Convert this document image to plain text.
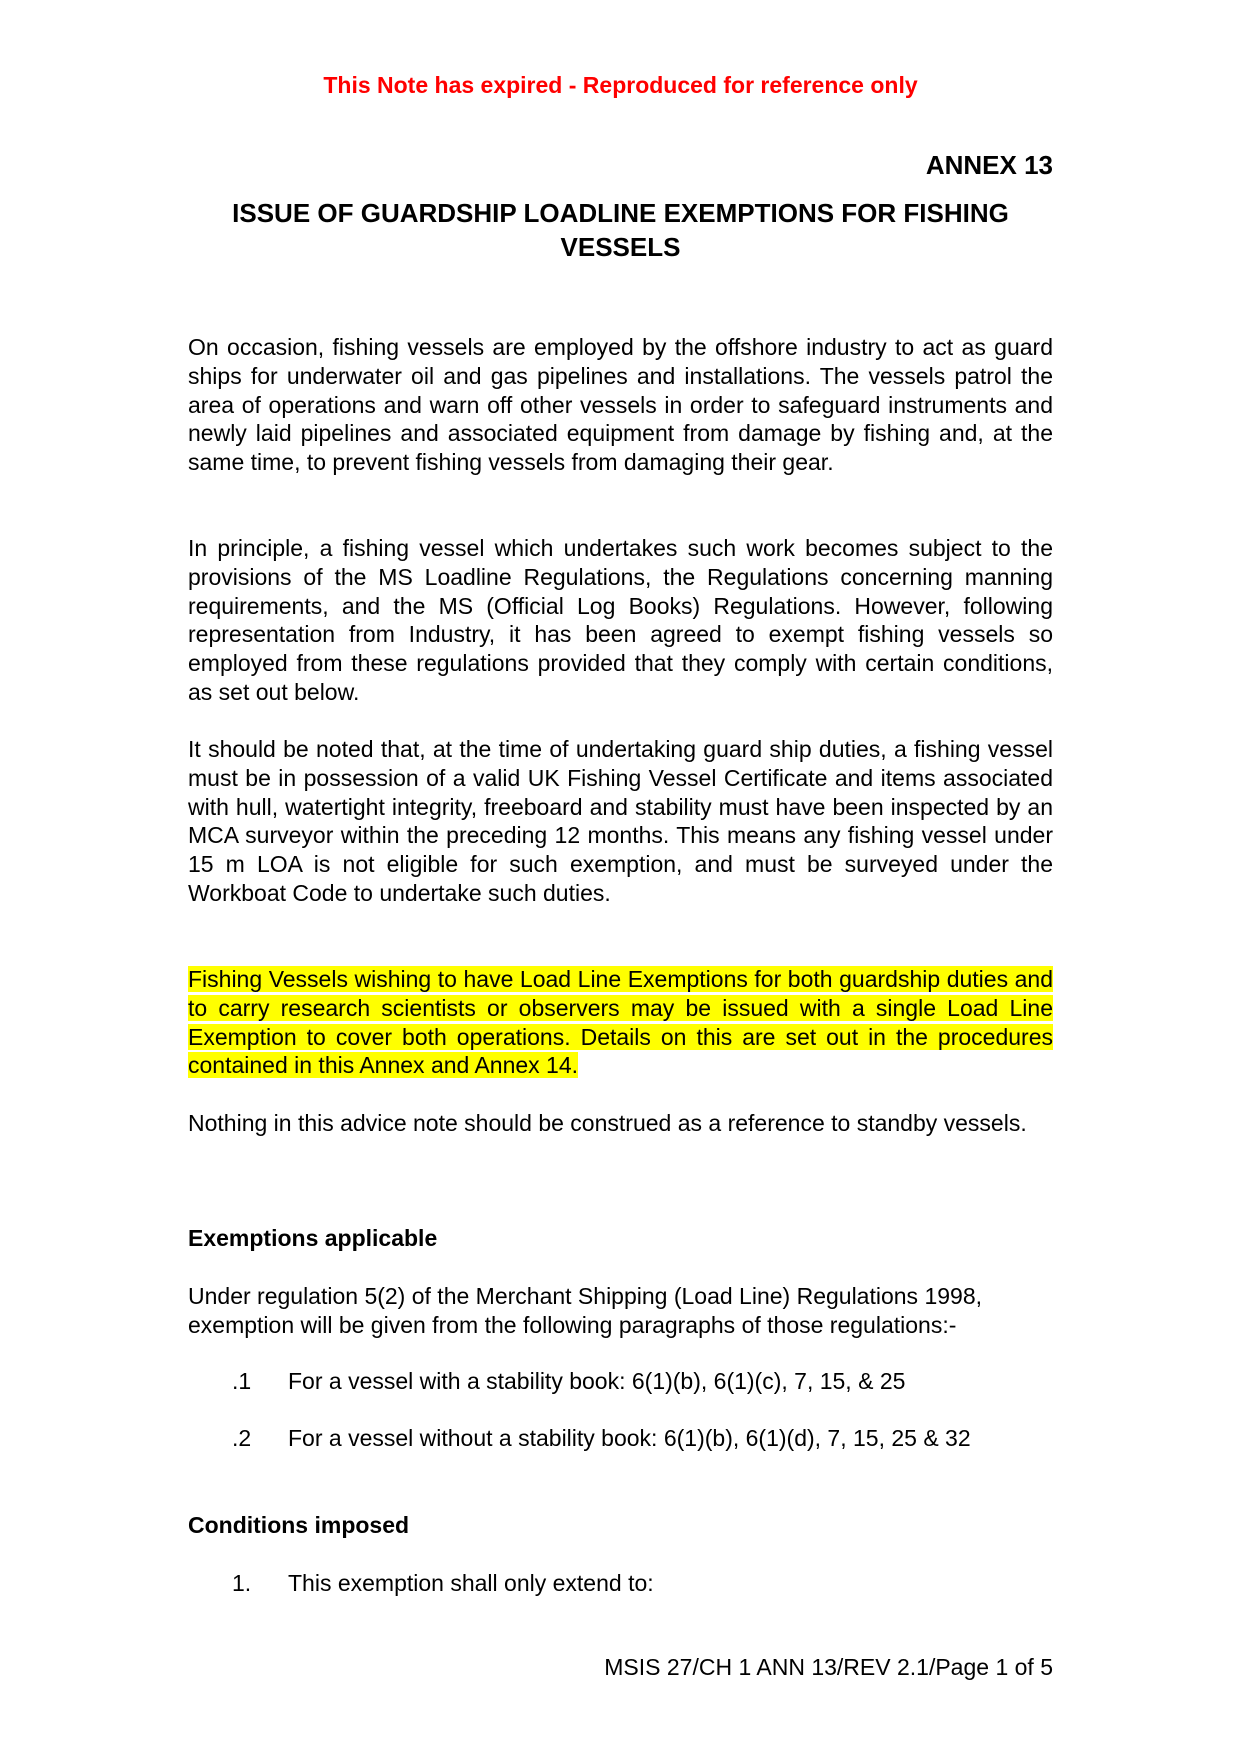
This Note has expired - Reproduced for reference only
ANNEX 13
ISSUE OF GUARDSHIP LOADLINE EXEMPTIONS FOR FISHING VESSELS
On occasion, fishing vessels are employed by the offshore industry to act as guard ships for underwater oil and gas pipelines and installations. The vessels patrol the area of operations and warn off other vessels in order to safeguard instruments and newly laid pipelines and associated equipment from damage by fishing and, at the same time, to prevent fishing vessels from damaging their gear.
In principle, a fishing vessel which undertakes such work becomes subject to the provisions of the MS Loadline Regulations, the Regulations concerning manning requirements, and the MS (Official Log Books) Regulations. However, following representation from Industry, it has been agreed to exempt fishing vessels so employed from these regulations provided that they comply with certain conditions, as set out below.
It should be noted that, at the time of undertaking guard ship duties, a fishing vessel must be in possession of a valid UK Fishing Vessel Certificate and items associated with hull, watertight integrity, freeboard and stability must have been inspected by an MCA surveyor within the preceding 12 months. This means any fishing vessel under 15 m LOA is not eligible for such exemption, and must be surveyed under the Workboat Code to undertake such duties.
Fishing Vessels wishing to have Load Line Exemptions for both guardship duties and to carry research scientists or observers may be issued with a single Load Line Exemption to cover both operations. Details on this are set out in the procedures contained in this Annex and Annex 14.
Nothing in this advice note should be construed as a reference to standby vessels.
Exemptions applicable
Under regulation 5(2) of the Merchant Shipping (Load Line) Regulations 1998, exemption will be given from the following paragraphs of those regulations:-
.1 For a vessel with a stability book: 6(1)(b), 6(1)(c), 7, 15, & 25
.2 For a vessel without a stability book: 6(1)(b), 6(1)(d), 7, 15, 25 & 32
Conditions imposed
1. This exemption shall only extend to:
MSIS 27/CH 1 ANN 13/REV 2.1/Page 1 of 5
